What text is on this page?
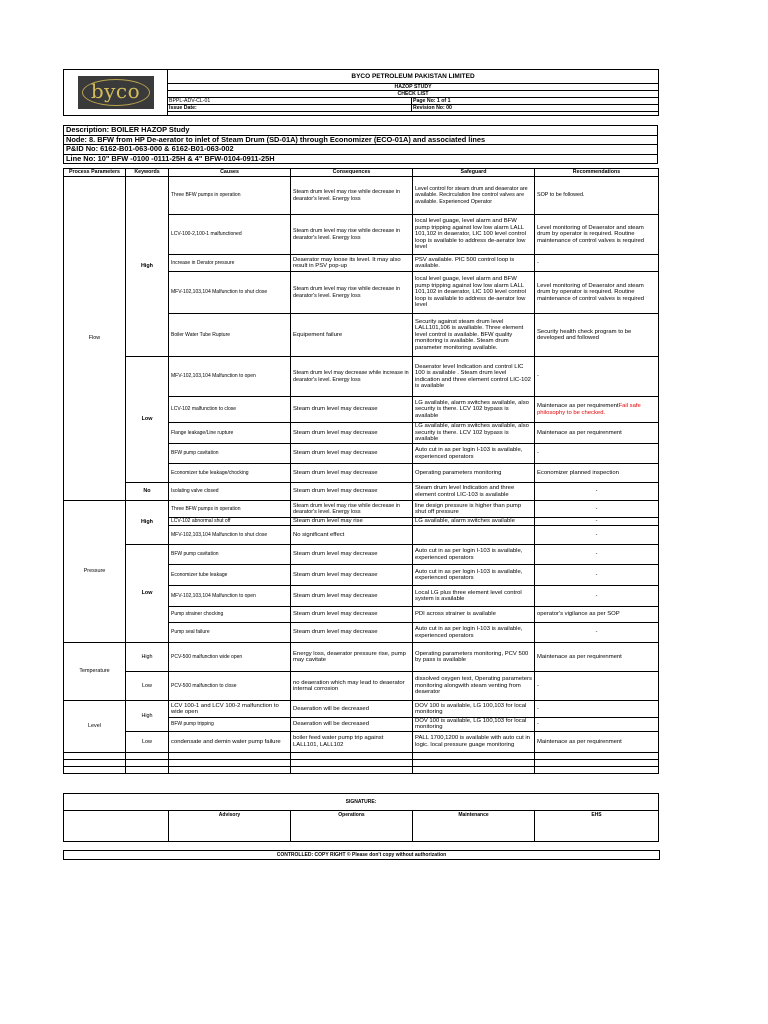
byco	BYCO PETROLEUM PAKISTAN LIMITED	
	HAZOP STUDY	
	CHECK LIST	
	BPPL-ADV-CL-01	Page No: 1 of 1
	Issue Date:	Revision No: 00

Description: BOILER HAZOP Study
Node: 8. BFW from HP De-aerator to inlet of Steam Drum (SD-01A) through Economizer (ECO-01A) and associated lines
P&ID No: 6162-B01-063-000 & 6162-B01-063-002
Line No: 10" BFW -0100 -0111-25H & 4" BFW-0104-0911-25H
Process Parameters	Keywords	Causes	Consequences	Safeguard	Recommendations
Flow	High	Three BFW pumps in operation	Steam drum level may rise while decrease in dearator's level. Energy loss	Level control for steam drum and deaerator are available. Recirculation line control valves are available. Experienced Operator	SOP to be followed.
		LCV-100-2,100-1 malfunctioned	Steam drum level may rise while decrease in dearator's level. Energy loss	local level guage, level alarm and BFW pump tripping against low low alarm LALL 101,102 in deaerator, LIC 100 level control loop is available to address de-aerator low level	Level monitoring of Deaerator and steam drum by operator is required. Routine maintenance of control valves is required
		Increase in Derator pressure	Deaerator may loose its level. It may also result in PSV pop-up	PSV available. PIC 500 control loop is available.	-
		MFV-102,103,104 Malfunction to shut close	Steam drum level may rise while decrease in dearator's level. Energy loss	local level guage, level alarm and BFW pump tripping against low low alarm LALL 101,102 in deaerator, LIC 100 level control loop is available to address de-aerator low level	Level monitoring of Deaerator and steam drum by operator is required. Routine maintenance of control valves is required
		Boiler Water Tube Rupture	Equipement failure	Security against steam drum level LALL101,106 is availiable. Three element level control is available. BFW quality monitoring is available. Steam drum parameter monitoring available.	Security health check program to be developed and followed
	Low	MFV-102,103,104 Malfunction to open	Steam drum levl may decrease while increase in dearator's level. Energy loss	Deaerator level Indication and control LIC 100 is available . Steam drum level indication and three element control LIC-102 is available	-
		LCV-102 malfunction to close	Steam drum level may decrease	LG available, alarm switches available, also security is there. LCV 102 bypass is available	Maintenace as per requirementFail safe philosophy to be checked.
		Flange leakage/Line rupture	Steam drum level may decrease	LG available, alarm switches available, also security is there. LCV 102 bypass is available	Maintenace as per requirenment
		BFW pump cavitation	Steam drum level may decrease	Auto cut in as per login I-103 is available, experienced operators	-
		Economizer tube leakage/chocking	Steam drum level may decrease	Operating parameters monitoring	Economizer planned inspection
	No	Isolating valve closed	Steam drum level may decrease	Steam drum level Indication and three element control LIC-103 is available	-
Pressure	High	Three BFW pumps in operation	Steam drum level may rise while decrease in dearator's level. Energy loss	line design pressure is higher than pump shut off pressure	-
		LCV-102 abnormal shut off	Steam drum level may rise	LG available, alarm switches available	-
		MFV-102,103,104 Malfunction to shut close	No significant effect		-
	Low	BFW pump cavitation	Steam drum level may decrease	Auto cut in as per login I-103 is available, experienced operators	-
		Economizer tube leakage	Steam drum level may decrease	Auto cut in as per login I-103 is available, experienced operators	-
		MFV-102,103,104 Malfunction to open	Steam drum level may decrease	Local LG plus three element level control system is available	-
		Pump strainer chocking	Steam drum level may decrease	PDI across strainer is available	operator's vigilance as per SOP
		Pump seal failure	Steam drum level may decrease	Auto cut in as per login I-103 is available, experienced operators	-
Temperature	High	PCV-500 malfunction wide open	Energy loss, deaerator pressure rise, pump may cavitate	Operating parameters monitoring, PCV 500 by pass is available	Maintenace as per requirenment
	Low	PCV-500 malfunction to close	no deaeration which may lead to deaerator internal corrosion	dissolved oxygen test, Operating parameters monitoring alongwith steam venting from deaerator	-
Level	High	LCV 100-1 and LCV 100-2 malfunction to wide open	Deaeration will be decreased	DOV 100 is available, LG 100,103 for local monitoring	-
		BFW pump tripping	Deaeration will be decreased	DOV 100 is available, LG 100,103 for local monitoring	-
	Low	condensate and demin water pump failure	boiler feed water pump trip against LALL101, LALL102	PALL 1700,1200 is available with auto cut in logic. local pressure guage monitoring	Maintenace as per requirenment

SIGNATURE:
	Advisory	Operations	Maintenance	EHS
CONTROLLED: COPY RIGHT © Please don't copy without authorization
